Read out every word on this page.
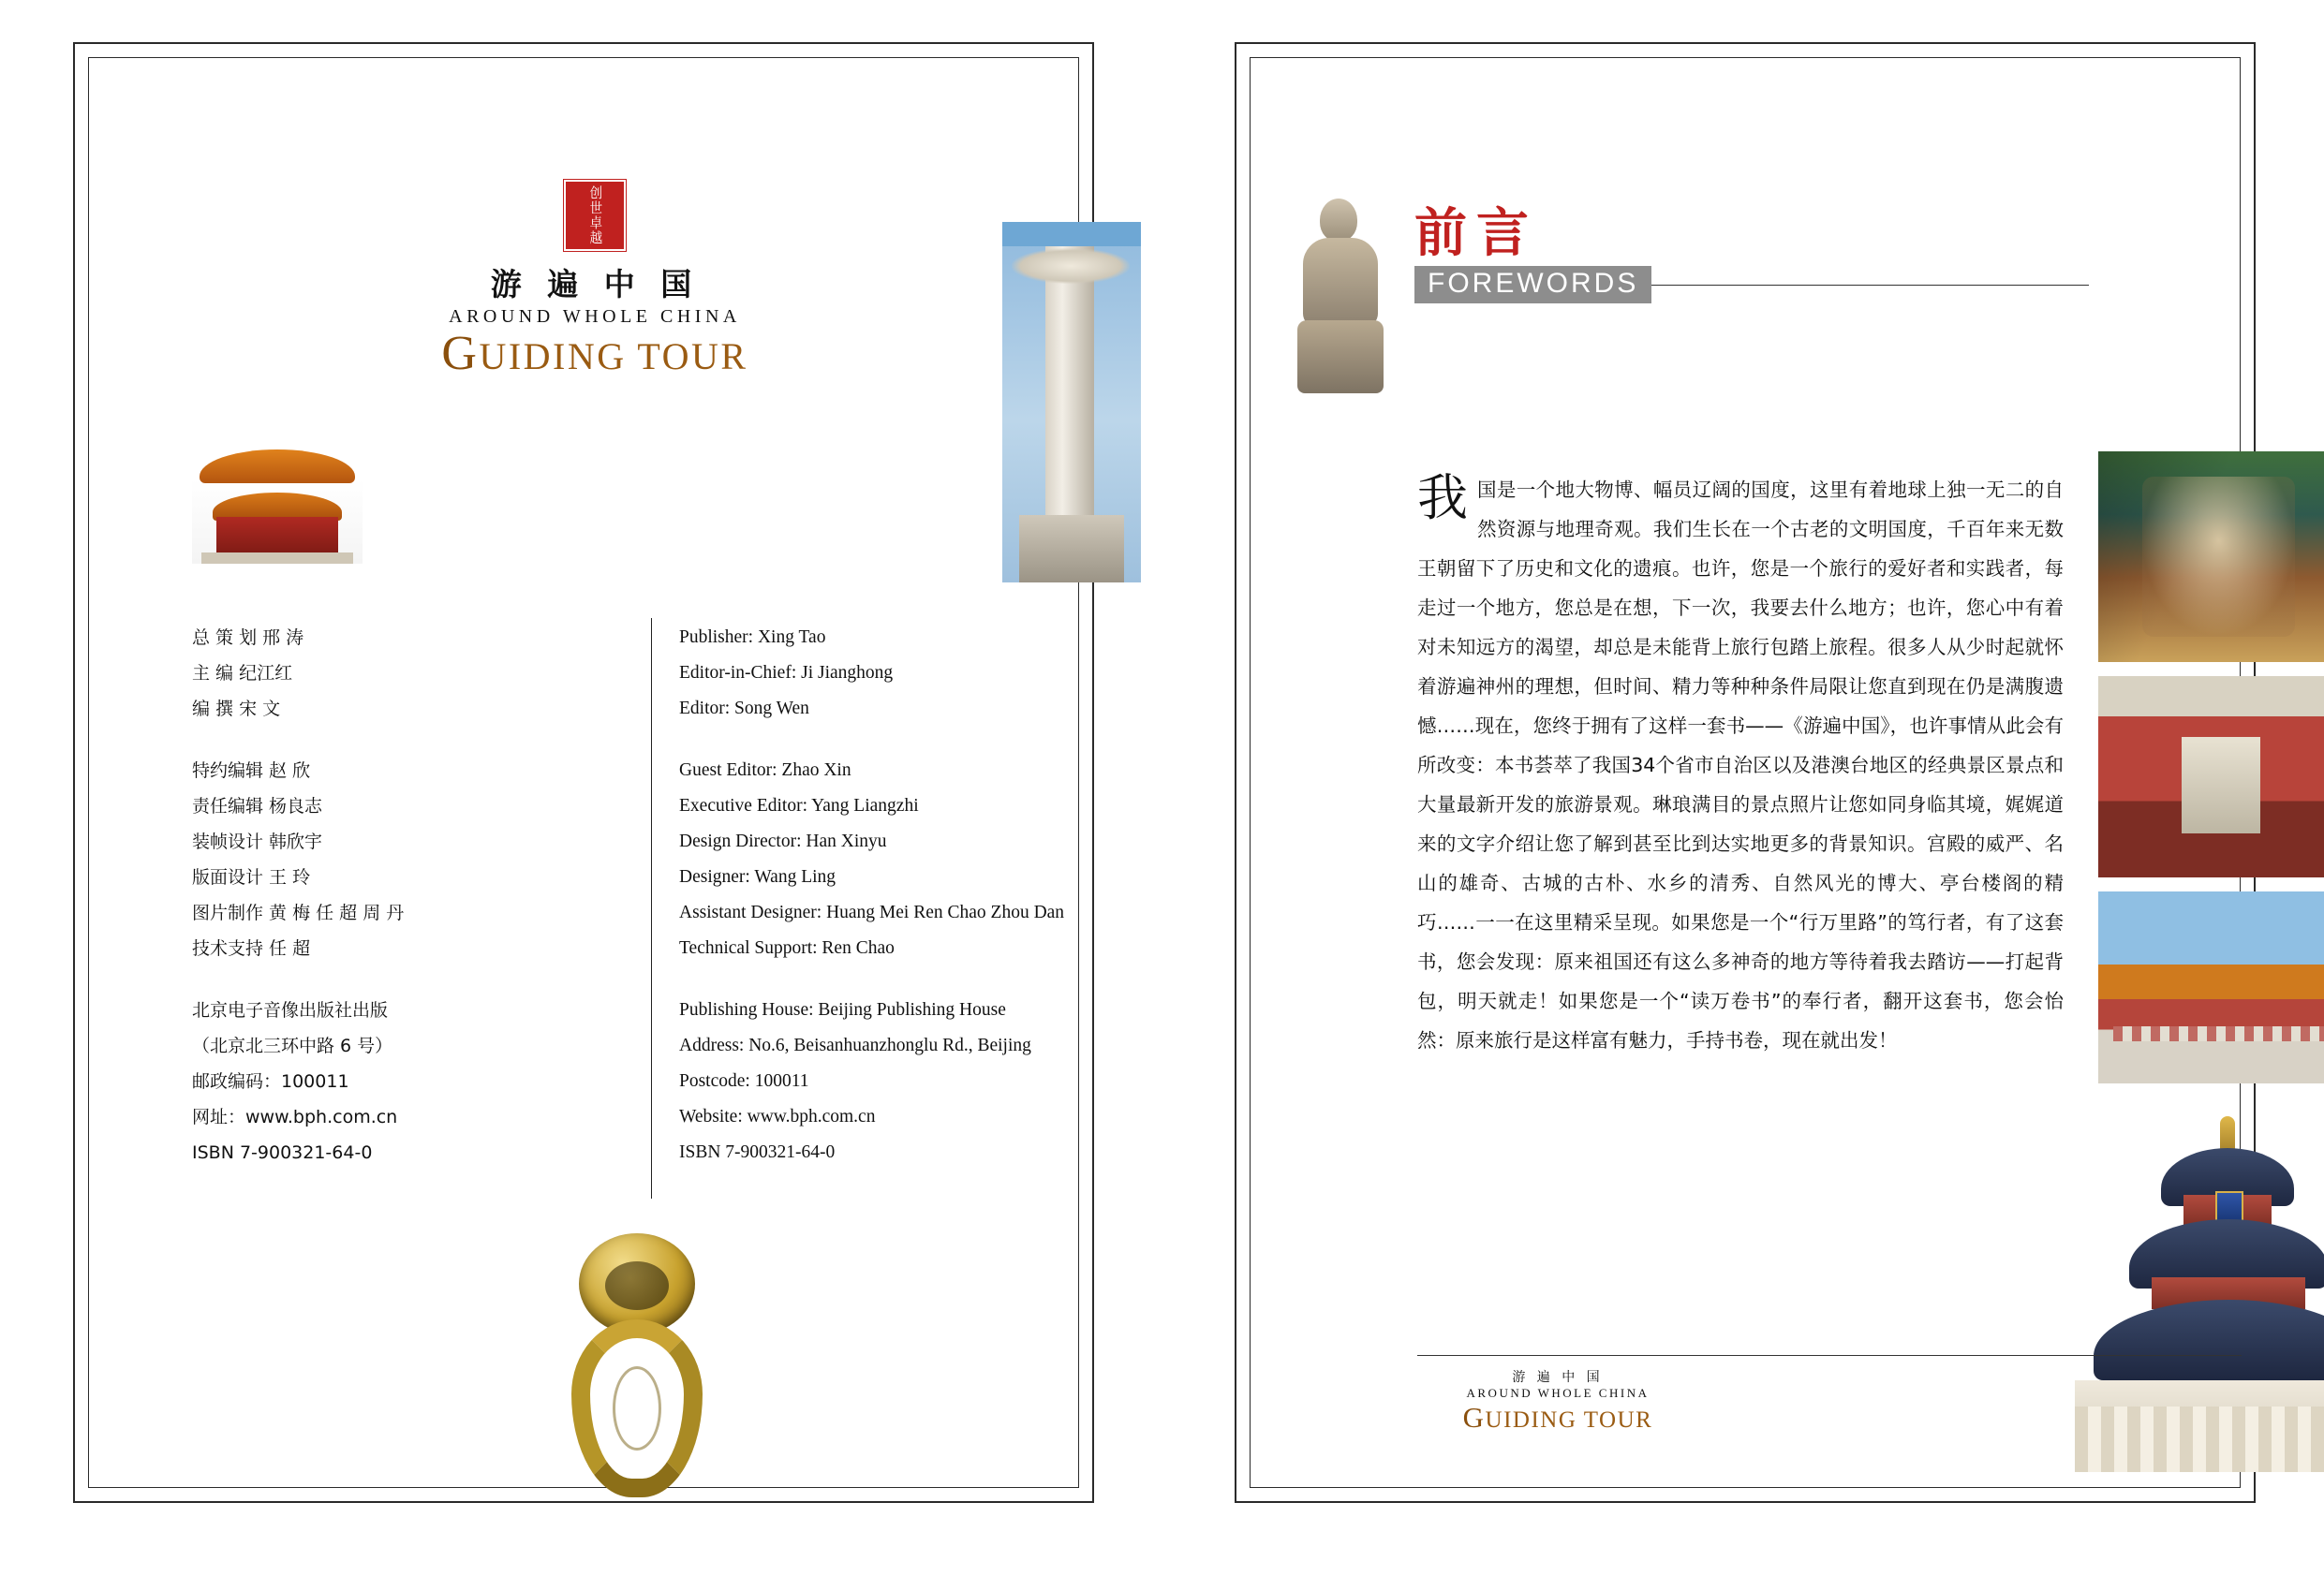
创世卓越
游 遍 中 国
AROUND WHOLE CHINA
GUIDING TOUR
总 策 划 邢 涛
主 编 纪江红
编 撰 宋 文
特约编辑 赵 欣
责任编辑 杨良志
装帧设计 韩欣宇
版面设计 王 玲
图片制作 黄 梅 任 超 周 丹
技术支持 任 超
北京电子音像出版社出版
（北京北三环中路 6 号）
邮政编码：100011
网址：www.bph.com.cn
ISBN 7-900321-64-0
Publisher: Xing Tao
Editor-in-Chief: Ji Jianghong
Editor: Song Wen
Guest Editor: Zhao Xin
Executive Editor: Yang Liangzhi
Design Director: Han Xinyu
Designer: Wang Ling
Assistant Designer: Huang Mei Ren Chao Zhou Dan
Technical Support: Ren Chao
Publishing House: Beijing Publishing House
Address: No.6, Beisanhuanzhonglu Rd., Beijing
Postcode: 100011
Website: www.bph.com.cn
ISBN 7-900321-64-0
前言
FOREWORDS
我国是一个地大物博、幅员辽阔的国度，这里有着地球上独一无二的自然资源与地理奇观。我们生长在一个古老的文明国度，千百年来无数王朝留下了历史和文化的遗痕。也许，您是一个旅行的爱好者和实践者，每走过一个地方，您总是在想，下一次，我要去什么地方；也许，您心中有着对未知远方的渴望，却总是未能背上旅行包踏上旅程。很多人从少时起就怀着游遍神州的理想，但时间、精力等种种条件局限让您直到现在仍是满腹遗憾……现在，您终于拥有了这样一套书——《游遍中国》，也许事情从此会有所改变：本书荟萃了我国34个省市自治区以及港澳台地区的经典景区景点和大量最新开发的旅游景观。琳琅满目的景点照片让您如同身临其境，娓娓道来的文字介绍让您了解到甚至比到达实地更多的背景知识。宫殿的威严、名山的雄奇、古城的古朴、水乡的清秀、自然风光的博大、亭台楼阁的精巧……一一在这里精采呈现。如果您是一个“行万里路”的笃行者，有了这套书，您会发现：原来祖国还有这么多神奇的地方等待着我去踏访——打起背包，明天就走！如果您是一个“读万卷书”的奉行者，翻开这套书，您会怡然：原来旅行是这样富有魅力，手持书卷，现在就出发！
游 遍 中 国
AROUND WHOLE CHINA
GUIDING TOUR
